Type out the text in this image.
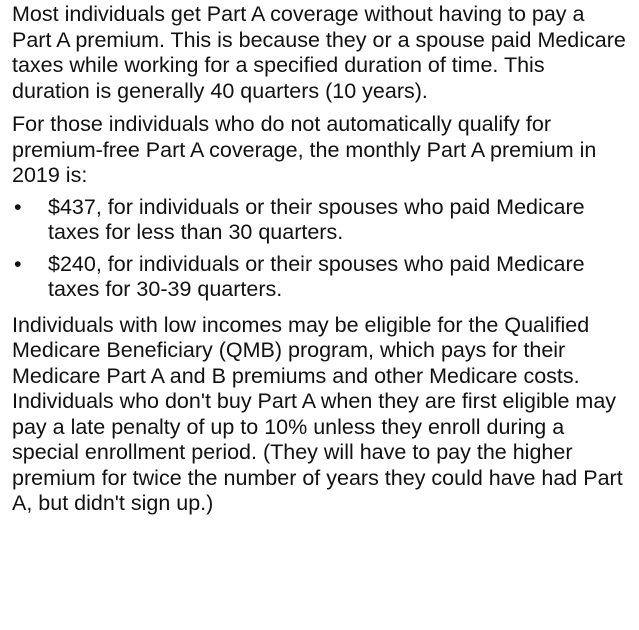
Most individuals get Part A coverage without having to pay a Part A premium. This is because they or a spouse paid Medicare taxes while working for a specified duration of time. This duration is generally 40 quarters (10 years).

For those individuals who do not automatically qualify for premium-free Part A coverage, the monthly Part A premium in 2019 is:

• $437, for individuals or their spouses who paid Medicare taxes for less than 30 quarters.
• $240, for individuals or their spouses who paid Medicare taxes for 30-39 quarters.

Individuals with low incomes may be eligible for the Qualified Medicare Beneficiary (QMB) program, which pays for their Medicare Part A and B premiums and other Medicare costs. Individuals who don't buy Part A when they are first eligible may pay a late penalty of up to 10% unless they enroll during a special enrollment period. (They will have to pay the higher premium for twice the number of years they could have had Part A, but didn't sign up.)
